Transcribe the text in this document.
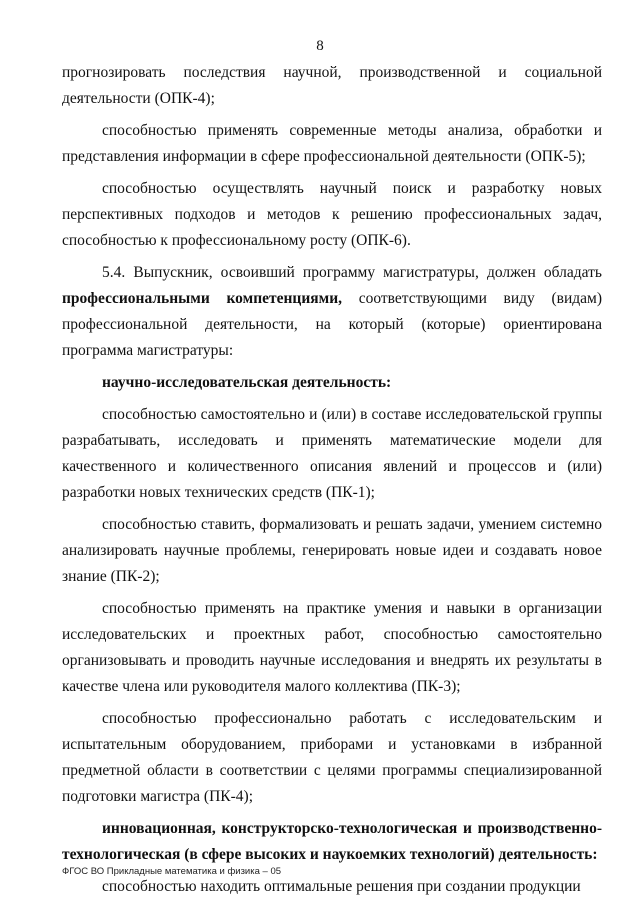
8

прогнозировать последствия научной, производственной и социальной деятельности (ОПК-4);

способностью применять современные методы анализа, обработки и представления информации в сфере профессиональной деятельности (ОПК-5);

способностью осуществлять научный поиск и разработку новых перспективных подходов и методов к решению профессиональных задач, способностью к профессиональному росту (ОПК-6).

5.4. Выпускник, освоивший программу магистратуры, должен обладать профессиональными компетенциями, соответствующими виду (видам) профессиональной деятельности, на который (которые) ориентирована программа магистратуры:

научно-исследовательская деятельность:

способностью самостоятельно и (или) в составе исследовательской группы разрабатывать, исследовать и применять математические модели для качественного и количественного описания явлений и процессов и (или) разработки новых технических средств (ПК-1);

способностью ставить, формализовать и решать задачи, умением системно анализировать научные проблемы, генерировать новые идеи и создавать новое знание (ПК-2);

способностью применять на практике умения и навыки в организации исследовательских и проектных работ, способностью самостоятельно организовывать и проводить научные исследования и внедрять их результаты в качестве члена или руководителя малого коллектива (ПК-3);

способностью профессионально работать с исследовательским и испытательным оборудованием, приборами и установками в избранной предметной области в соответствии с целями программы специализированной подготовки магистра (ПК-4);

инновационная, конструкторско-технологическая и производственно-технологическая (в сфере высоких и наукоемких технологий) деятельность:

способностью находить оптимальные решения при создании продукции

ФГОС ВО Прикладные математика и физика – 05
